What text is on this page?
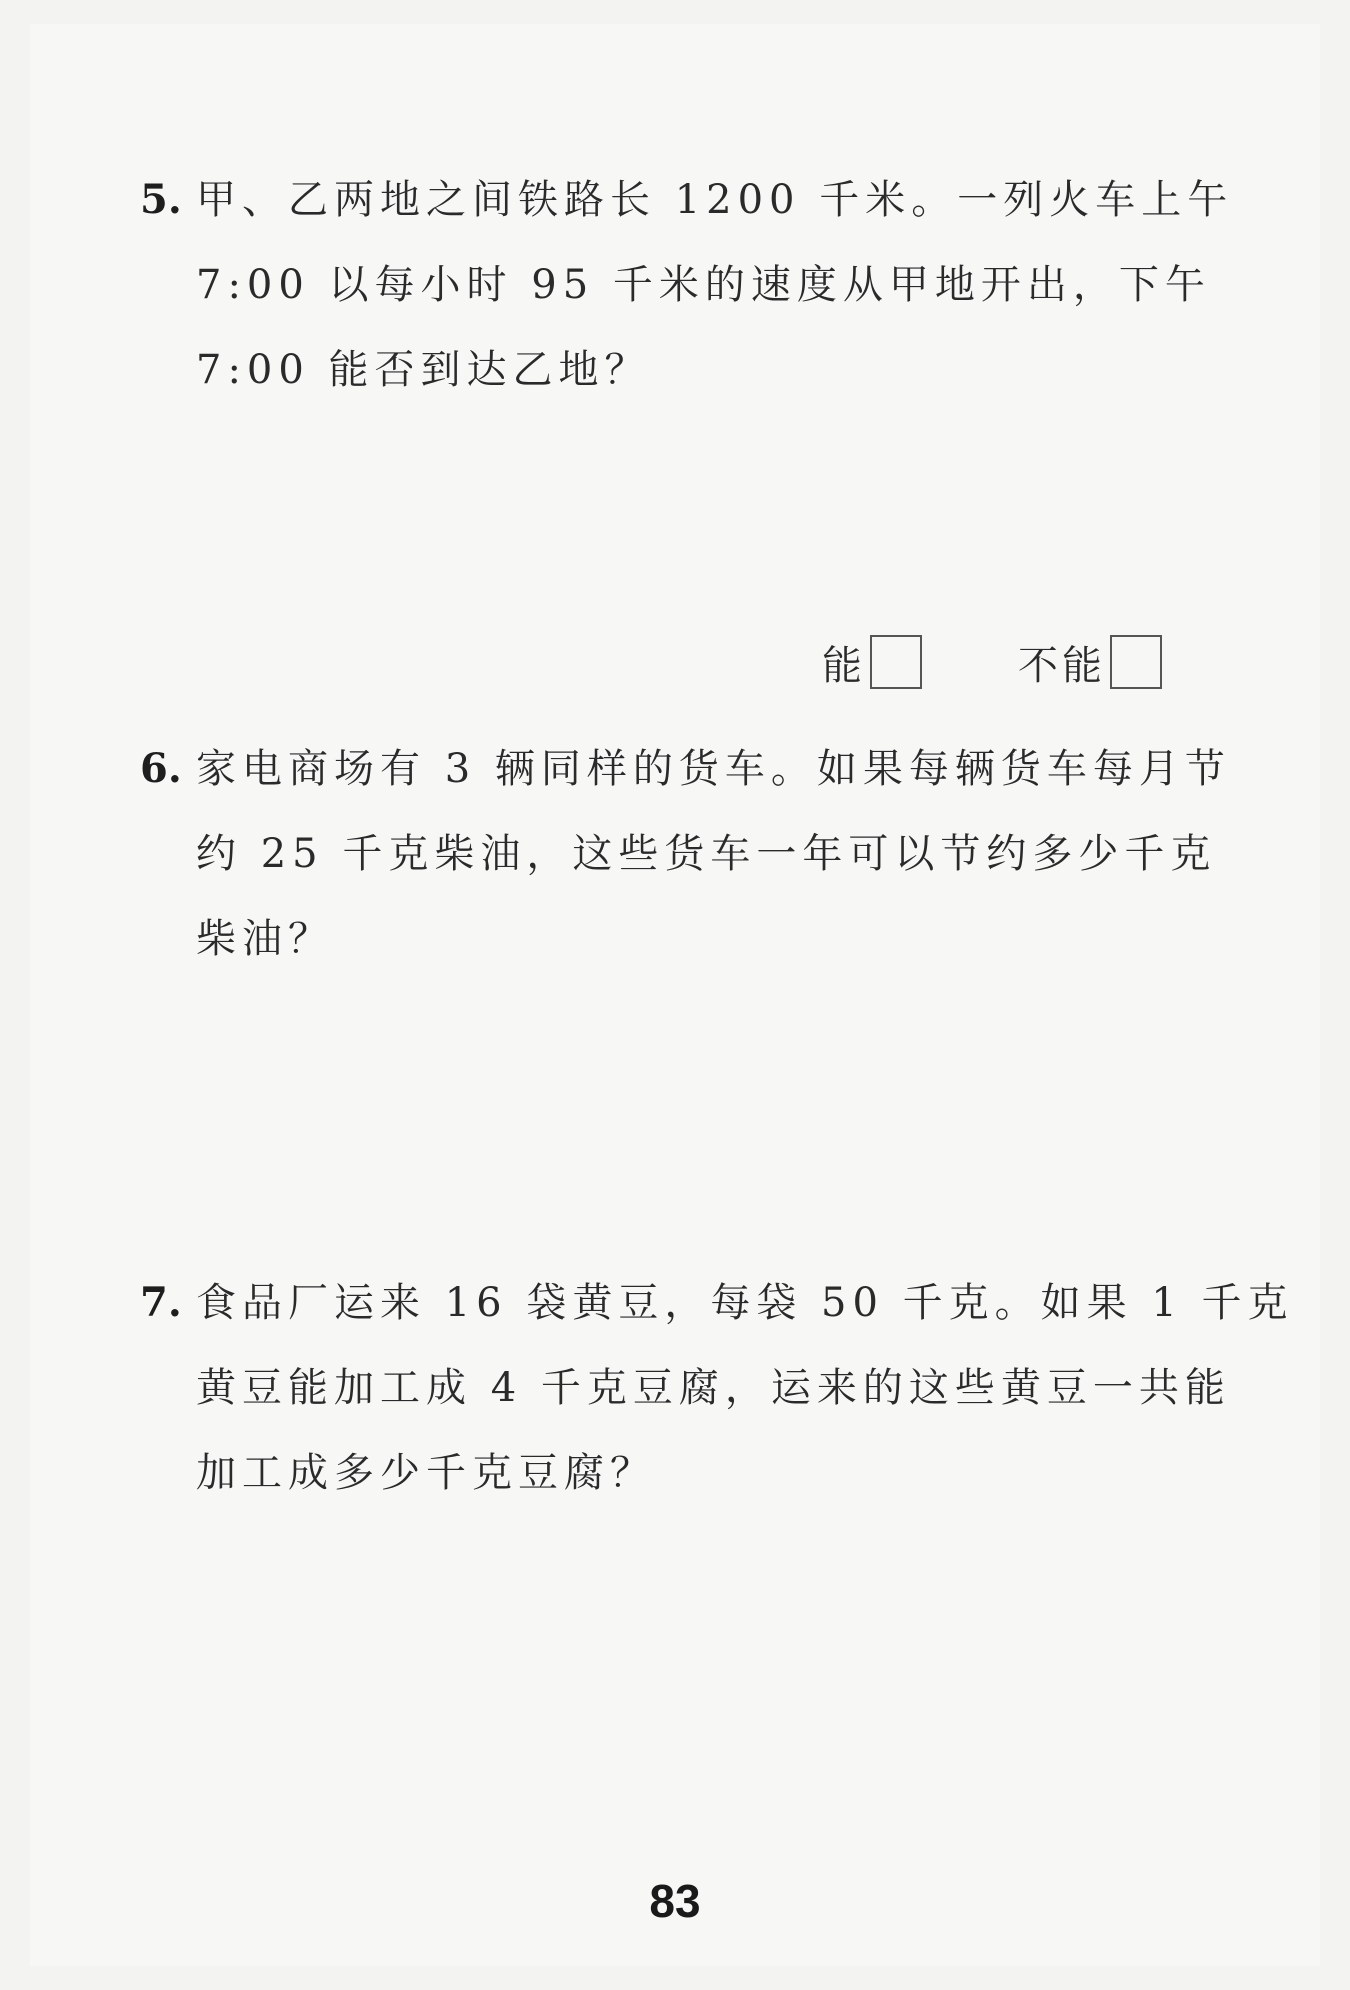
5. 甲、乙两地之间铁路长 1200 千米。一列火车上午
7:00 以每小时 95 千米的速度从甲地开出，下午
7:00 能否到达乙地？
能	不能
6. 家电商场有 3 辆同样的货车。如果每辆货车每月节
约 25 千克柴油，这些货车一年可以节约多少千克
柴油？
7. 食品厂运来 16 袋黄豆，每袋 50 千克。如果 1 千克
黄豆能加工成 4 千克豆腐，运来的这些黄豆一共能
加工成多少千克豆腐？
83
